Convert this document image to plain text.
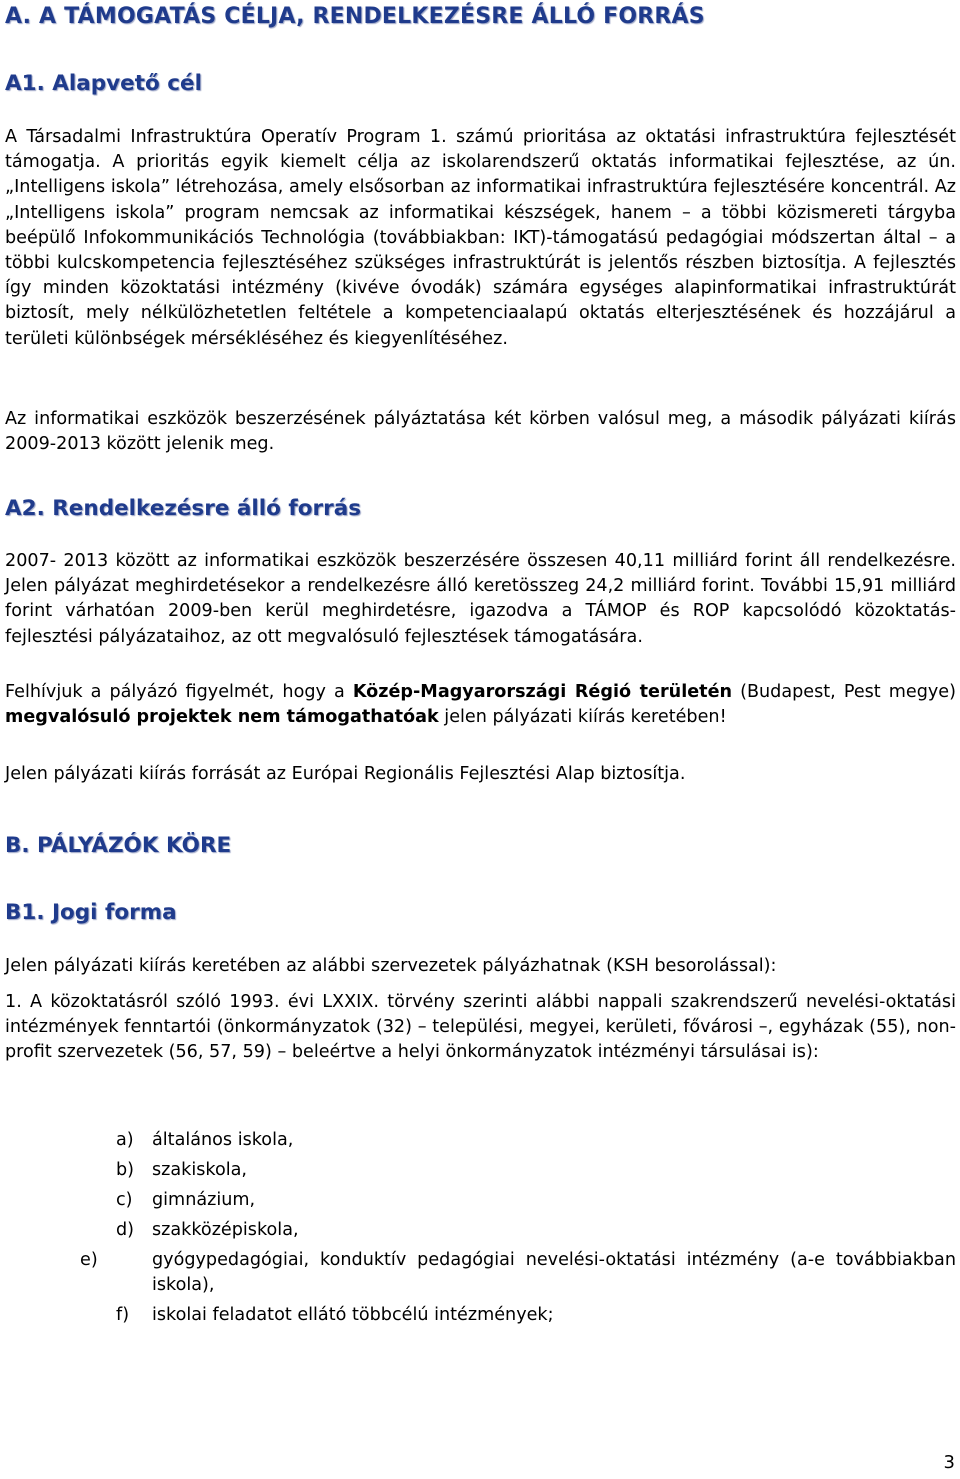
A. A TÁMOGATÁS CÉLJA, RENDELKEZÉSRE ÁLLÓ FORRÁS
A1. Alapvető cél

A Társadalmi Infrastruktúra Operatív Program 1. számú prioritása az oktatási infrastruktúra fejlesztését támogatja. A prioritás egyik kiemelt célja az iskolarendszerű oktatás informatikai fejlesztése, az ún. „Intelligens iskola” létrehozása, amely elsősorban az informatikai infrastruktúra fejlesztésére koncentrál. Az „Intelligens iskola” program nemcsak az informatikai készségek, hanem – a többi közismereti tárgyba beépülő Infokommunikációs Technológia (továbbiakban: IKT)-támogatású pedagógiai módszertan által – a többi kulcskompetencia fejlesztéséhez szükséges infrastruktúrát is jelentős részben biztosítja. A fejlesztés így minden közoktatási intézmény (kivéve óvodák) számára egységes alapinformatikai infrastruktúrát biztosít, mely nélkülözhetetlen feltétele a kompetenciaalapú oktatás elterjesztésének és hozzájárul a területi különbségek mérsékléséhez és kiegyenlítéséhez.

Az informatikai eszközök beszerzésének pályáztatása két körben valósul meg, a második pályázati kiírás 2009-2013 között jelenik meg.

A2. Rendelkezésre álló forrás

2007- 2013 között az informatikai eszközök beszerzésére összesen 40,11 milliárd forint áll rendelkezésre. Jelen pályázat meghirdetésekor a rendelkezésre álló keretösszeg 24,2 milliárd forint. További 15,91 milliárd forint várhatóan 2009-ben kerül meghirdetésre, igazodva a TÁMOP és ROP kapcsolódó közoktatás-fejlesztési pályázataihoz, az ott megvalósuló fejlesztések támogatására.

Felhívjuk a pályázó figyelmét, hogy a Közép-Magyarországi Régió területén (Budapest, Pest megye) megvalósuló projektek nem támogathatóak jelen pályázati kiírás keretében!

Jelen pályázati kiírás forrását az Európai Regionális Fejlesztési Alap biztosítja.

B. PÁLYÁZÓK KÖRE
B1. Jogi forma

Jelen pályázati kiírás keretében az alábbi szervezetek pályázhatnak (KSH besorolással):

1. A közoktatásról szóló 1993. évi LXXIX. törvény szerinti alábbi nappali szakrendszerű nevelési-oktatási intézmények fenntartói (önkormányzatok (32) – települési, megyei, kerületi, fővárosi –, egyházak (55), non-profit szervezetek (56, 57, 59) – beleértve a helyi önkormányzatok intézményi társulásai is):

a) általános iskola,
b) szakiskola,
c) gimnázium,
d) szakközépiskola,
e)	gyógypedagógiai, konduktív pedagógiai nevelési-oktatási intézmény (a-e továbbiakban iskola),
f) iskolai feladatot ellátó többcélú intézmények;
3
